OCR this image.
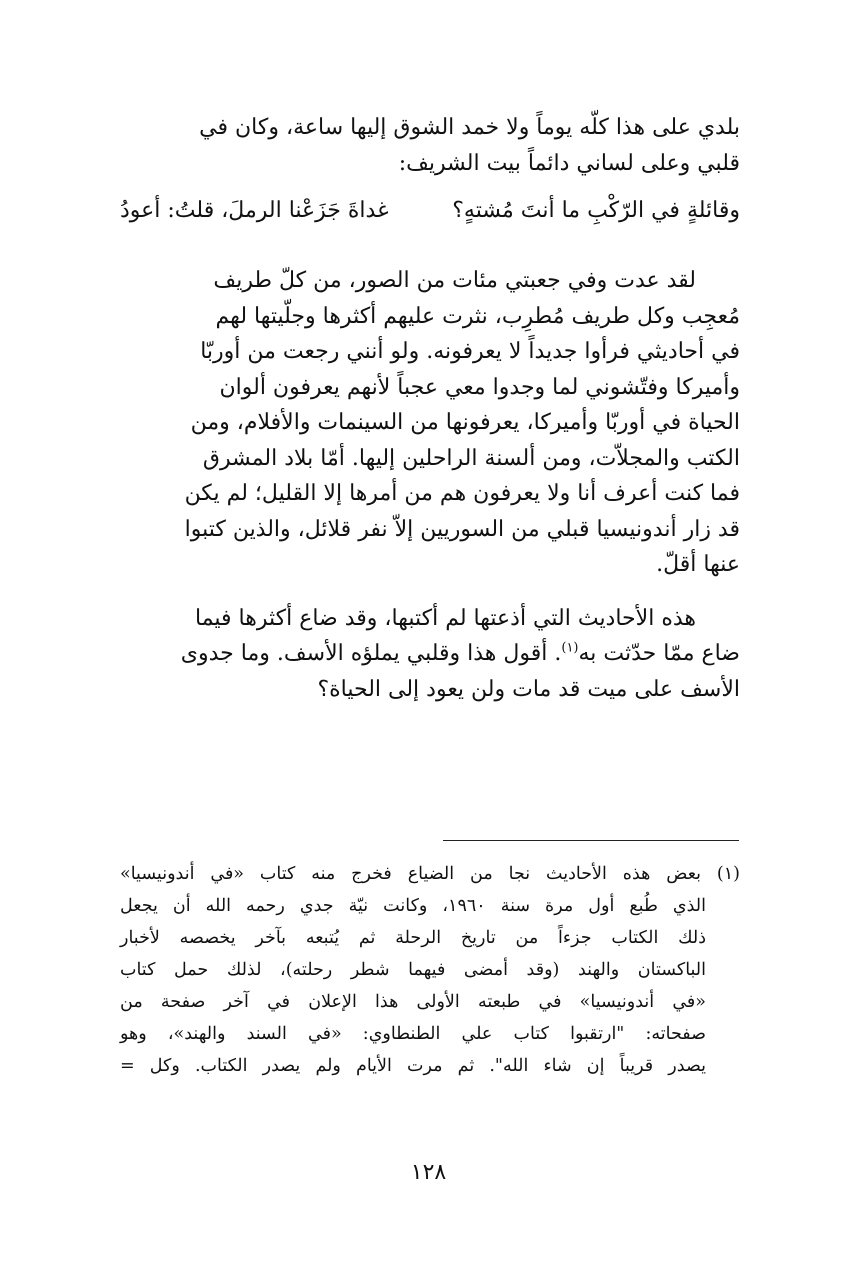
بلدي على هذا كلّه يوماً ولا خمد الشوق إليها ساعة، وكان في
قلبي وعلى لساني دائماً بيت الشريف:

وقائلةٍ في الرّكْبِ ما أنتَ مُشتهٍ؟
غداةَ جَزَعْنا الرملَ، قلتُ: أعودُ

لقد عدت وفي جعبتي مئات من الصور، من كلّ طريف
مُعجِب وكل طريف مُطرِب، نثرت عليهم أكثرها وجلّيتها لهم
في أحاديثي فرأوا جديداً لا يعرفونه. ولو أنني رجعت من أوربّا
وأميركا وفتّشوني لما وجدوا معي عجباً لأنهم يعرفون ألوان
الحياة في أوربّا وأميركا، يعرفونها من السينمات والأفلام، ومن
الكتب والمجلاّت، ومن ألسنة الراحلين إليها. أمّا بلاد المشرق
فما كنت أعرف أنا ولا يعرفون هم من أمرها إلا القليل؛ لم يكن
قد زار أندونيسيا قبلي من السوريين إلاّ نفر قلائل، والذين كتبوا
عنها أقلّ.

هذه الأحاديث التي أذعتها لم أكتبها، وقد ضاع أكثرها فيما
ضاع ممّا حدّثت به$^{(١)}$. أقول هذا وقلبي يملؤه الأسف. وما جدوى
الأسف على ميت قد مات ولن يعود إلى الحياة؟

(١) بعض هذه الأحاديث نجا من الضياع فخرج منه كتاب «في أندونيسيا»
الذي طُبع أول مرة سنة ١٩٦٠، وكانت نيّة جدي رحمه الله أن يجعل
ذلك الكتاب جزءاً من تاريخ الرحلة ثم يُتبعه بآخر يخصصه لأخبار
الباكستان والهند (وقد أمضى فيهما شطر رحلته)، لذلك حمل كتاب
«في أندونيسيا» في طبعته الأولى هذا الإعلان في آخر صفحة من
صفحاته: "ارتقبوا كتاب علي الطنطاوي: «في السند والهند»، وهو
يصدر قريباً إن شاء الله". ثم مرت الأيام ولم يصدر الكتاب. وكل =
١٢٨
